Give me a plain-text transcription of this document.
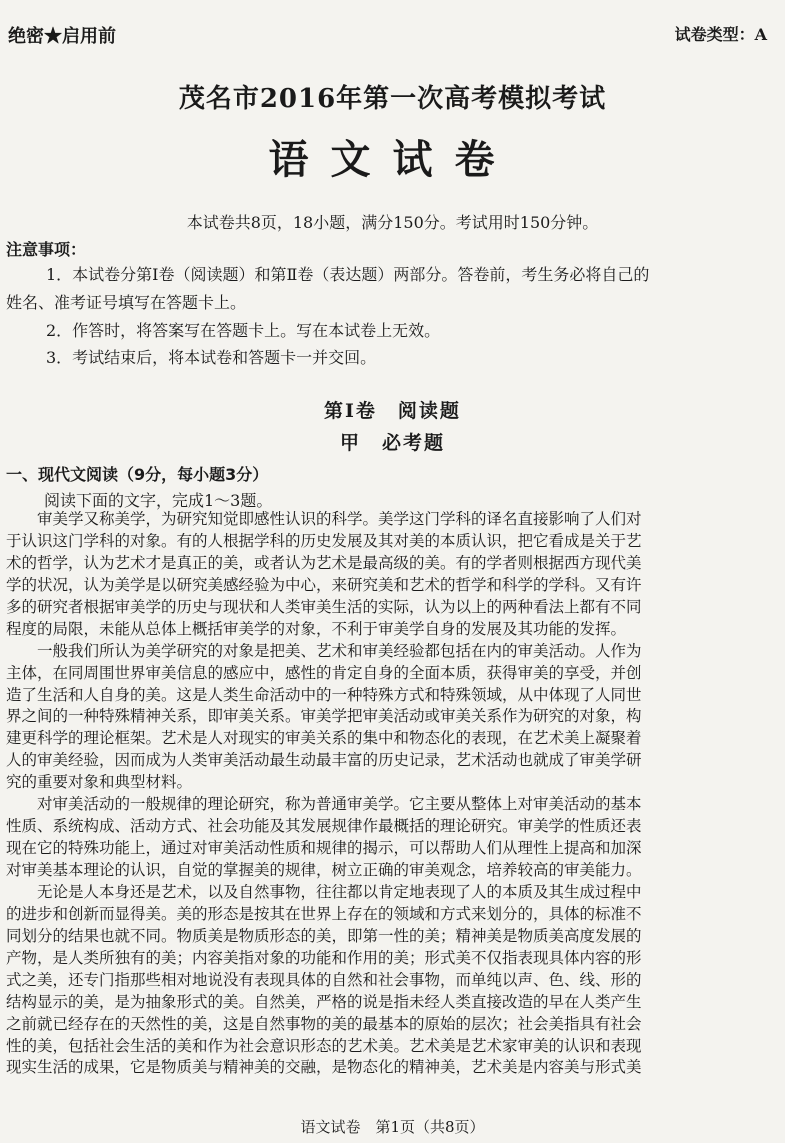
绝密★启用前	试卷类型：A
茂名市2016年第一次高考模拟考试
语文试卷
本试卷共8页，18小题，满分150分。考试用时150分钟。
注意事项：
1．本试卷分第Ⅰ卷（阅读题）和第Ⅱ卷（表达题）两部分。答卷前，考生务必将自己的
姓名、准考证号填写在答题卡上。
2．作答时，将答案写在答题卡上。写在本试卷上无效。
3．考试结束后，将本试卷和答题卡一并交回。
第Ⅰ卷　阅读题
甲　必考题
一、现代文阅读（9分，每小题3分）
阅读下面的文字，完成1～3题。
　　审美学又称美学，为研究知觉即感性认识的科学。美学这门学科的译名直接影响了人们对
于认识这门学科的对象。有的人根据学科的历史发展及其对美的本质认识，把它看成是关于艺
术的哲学，认为艺术才是真正的美，或者认为艺术是最高级的美。有的学者则根据西方现代美
学的状况，认为美学是以研究美感经验为中心，来研究美和艺术的哲学和科学的学科。又有许
多的研究者根据审美学的历史与现状和人类审美生活的实际，认为以上的两种看法上都有不同
程度的局限，未能从总体上概括审美学的对象，不利于审美学自身的发展及其功能的发挥。
　　一般我们所认为美学研究的对象是把美、艺术和审美经验都包括在内的审美活动。人作为
主体，在同周围世界审美信息的感应中，感性的肯定自身的全面本质，获得审美的享受，并创
造了生活和人自身的美。这是人类生命活动中的一种特殊方式和特殊领域，从中体现了人同世
界之间的一种特殊精神关系，即审美关系。审美学把审美活动或审美关系作为研究的对象，构
建更科学的理论框架。艺术是人对现实的审美关系的集中和物态化的表现，在艺术美上凝聚着
人的审美经验，因而成为人类审美活动最生动最丰富的历史记录，艺术活动也就成了审美学研
究的重要对象和典型材料。
　　对审美活动的一般规律的理论研究，称为普通审美学。它主要从整体上对审美活动的基本
性质、系统构成、活动方式、社会功能及其发展规律作最概括的理论研究。审美学的性质还表
现在它的特殊功能上，通过对审美活动性质和规律的揭示，可以帮助人们从理性上提高和加深
对审美基本理论的认识，自觉的掌握美的规律，树立正确的审美观念，培养较高的审美能力。
　　无论是人本身还是艺术，以及自然事物，往往都以肯定地表现了人的本质及其生成过程中
的进步和创新而显得美。美的形态是按其在世界上存在的领域和方式来划分的，具体的标准不
同划分的结果也就不同。物质美是物质形态的美，即第一性的美；精神美是物质美高度发展的
产物，是人类所独有的美；内容美指对象的功能和作用的美；形式美不仅指表现具体内容的形
式之美，还专门指那些相对地说没有表现具体的自然和社会事物，而单纯以声、色、线、形的
结构显示的美，是为抽象形式的美。自然美，严格的说是指未经人类直接改造的早在人类产生
之前就已经存在的天然性的美，这是自然事物的美的最基本的原始的层次；社会美指具有社会
性的美，包括社会生活的美和作为社会意识形态的艺术美。艺术美是艺术家审美的认识和表现
现实生活的成果，它是物质美与精神美的交融，是物态化的精神美，艺术美是内容美与形式美
语文试卷　第1页（共8页）
